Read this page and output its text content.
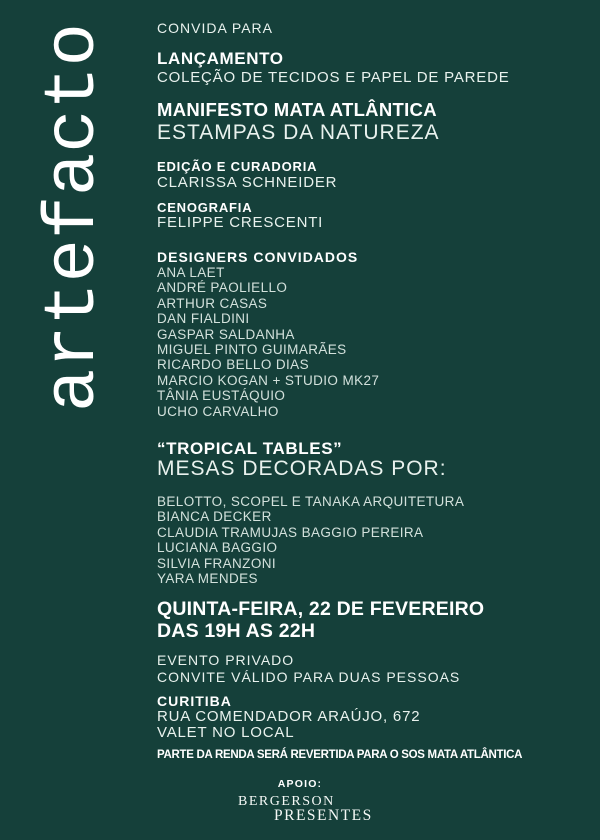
artefacto	CONVIDA PARA
LANÇAMENTO
COLEÇÃO DE TECIDOS E PAPEL DE PAREDE
MANIFESTO MATA ATLÂNTICA
ESTAMPAS DA NATUREZA
EDIÇÃO E CURADORIA
CLARISSA SCHNEIDER
CENOGRAFIA
FELIPPE CRESCENTI
DESIGNERS CONVIDADOS
ANA LAET
ANDRÉ PAOLIELLO
ARTHUR CASAS
DAN FIALDINI
GASPAR SALDANHA
MIGUEL PINTO GUIMARÃES
RICARDO BELLO DIAS
MARCIO KOGAN + STUDIO MK27
TÂNIA EUSTÁQUIO
UCHO CARVALHO
“TROPICAL TABLES”
MESAS DECORADAS POR:
BELOTTO, SCOPEL E TANAKA ARQUITETURA
BIANCA DECKER
CLAUDIA TRAMUJAS BAGGIO PEREIRA
LUCIANA BAGGIO
SILVIA FRANZONI
YARA MENDES
QUINTA-FEIRA, 22 DE FEVEREIRO
DAS 19H AS 22H
EVENTO PRIVADO
CONVITE VÁLIDO PARA DUAS PESSOAS
CURITIBA
RUA COMENDADOR ARAÚJO, 672
VALET NO LOCAL
PARTE DA RENDA SERÁ REVERTIDA PARA O SOS MATA ATLÂNTICA
APOIO:
BERGERSON
PRESENTES
